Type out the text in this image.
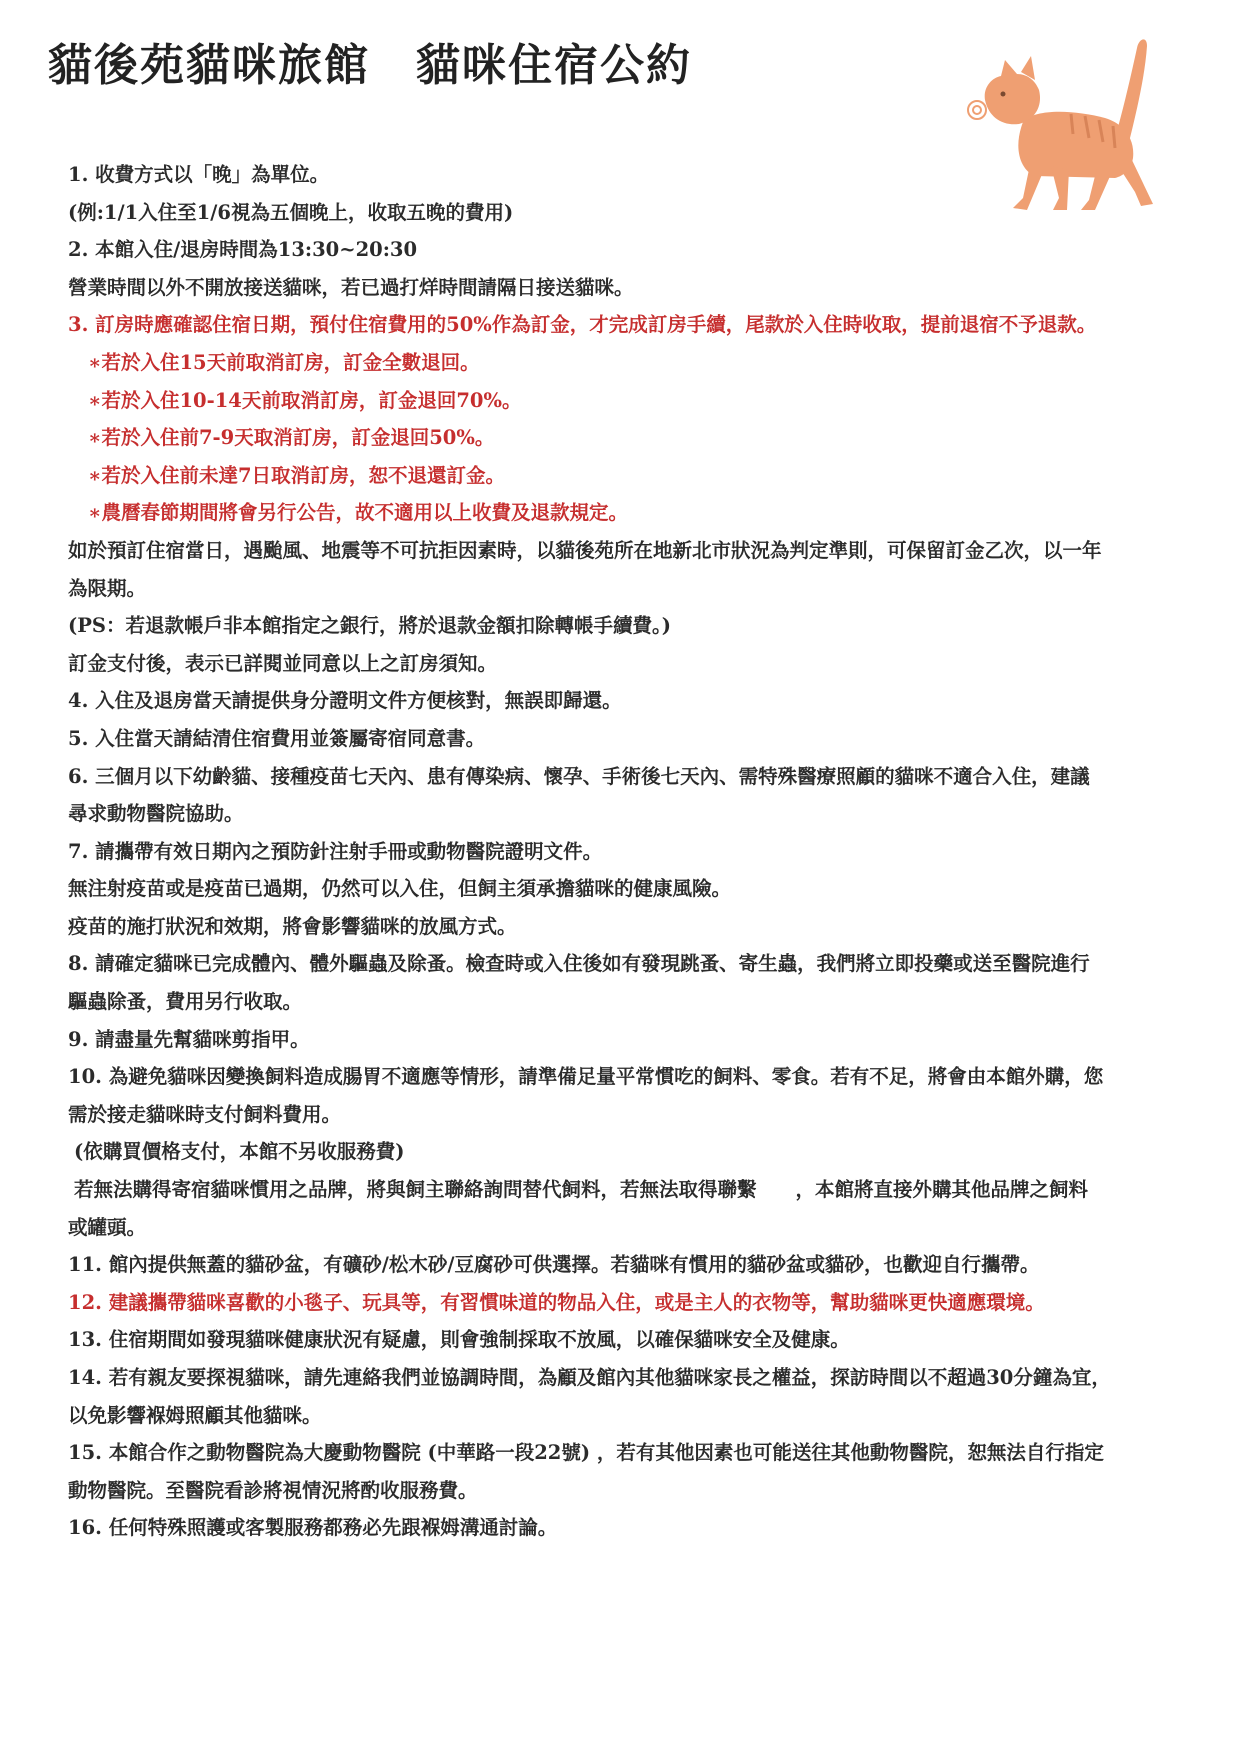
貓後苑貓咪旅館　貓咪住宿公約
1. 收費方式以「晚」為單位。
(例:1/1入住至1/6視為五個晚上，收取五晚的費用)
2. 本館入住/退房時間為13:30~20:30
營業時間以外不開放接送貓咪，若已過打烊時間請隔日接送貓咪。
3. 訂房時應確認住宿日期，預付住宿費用的50%作為訂金，才完成訂房手續，尾款於入住時收取，提前退宿不予退款。
∗若於入住15天前取消訂房，訂金全數退回。
∗若於入住10-14天前取消訂房，訂金退回70%。
∗若於入住前7-9天取消訂房，訂金退回50%。
∗若於入住前未達7日取消訂房，恕不退還訂金。
∗農曆春節期間將會另行公告，故不適用以上收費及退款規定。
如於預訂住宿當日，遇颱風、地震等不可抗拒因素時，以貓後苑所在地新北市狀況為判定準則，可保留訂金乙次，以一年
為限期。
(PS：若退款帳戶非本館指定之銀行，將於退款金額扣除轉帳手續費。)
訂金支付後，表示已詳閱並同意以上之訂房須知。
4. 入住及退房當天請提供身分證明文件方便核對，無誤即歸還。
5. 入住當天請結清住宿費用並簽屬寄宿同意書。
6. 三個月以下幼齡貓、接種疫苗七天內、患有傳染病、懷孕、手術後七天內、需特殊醫療照顧的貓咪不適合入住，建議
尋求動物醫院協助。
7. 請攜帶有效日期內之預防針注射手冊或動物醫院證明文件。
無注射疫苗或是疫苗已過期，仍然可以入住，但飼主須承擔貓咪的健康風險。
疫苗的施打狀況和效期，將會影響貓咪的放風方式。
8. 請確定貓咪已完成體內、體外驅蟲及除蚤。檢查時或入住後如有發現跳蚤、寄生蟲，我們將立即投藥或送至醫院進行
驅蟲除蚤，費用另行收取。
9. 請盡量先幫貓咪剪指甲。
10. 為避免貓咪因變換飼料造成腸胃不適應等情形，請準備足量平常慣吃的飼料、零食。若有不足，將會由本館外購，您
需於接走貓咪時支付飼料費用。
(依購買價格支付，本館不另收服務費)
若無法購得寄宿貓咪慣用之品牌，將與飼主聯絡詢問替代飼料，若無法取得聯繫　　，本館將直接外購其他品牌之飼料
或罐頭。
11. 館內提供無蓋的貓砂盆，有礦砂/松木砂/豆腐砂可供選擇。若貓咪有慣用的貓砂盆或貓砂，也歡迎自行攜帶。
12. 建議攜帶貓咪喜歡的小毯子、玩具等，有習慣味道的物品入住，或是主人的衣物等，幫助貓咪更快適應環境。
13. 住宿期間如發現貓咪健康狀況有疑慮，則會強制採取不放風，以確保貓咪安全及健康。
14. 若有親友要探視貓咪，請先連絡我們並協調時間，為顧及館內其他貓咪家長之權益，探訪時間以不超過30分鐘為宜，
以免影響褓姆照顧其他貓咪。
15. 本館合作之動物醫院為大慶動物醫院 (中華路一段22號) ，若有其他因素也可能送往其他動物醫院，恕無法自行指定
動物醫院。至醫院看診將視情況將酌收服務費。
16. 任何特殊照護或客製服務都務必先跟褓姆溝通討論。
